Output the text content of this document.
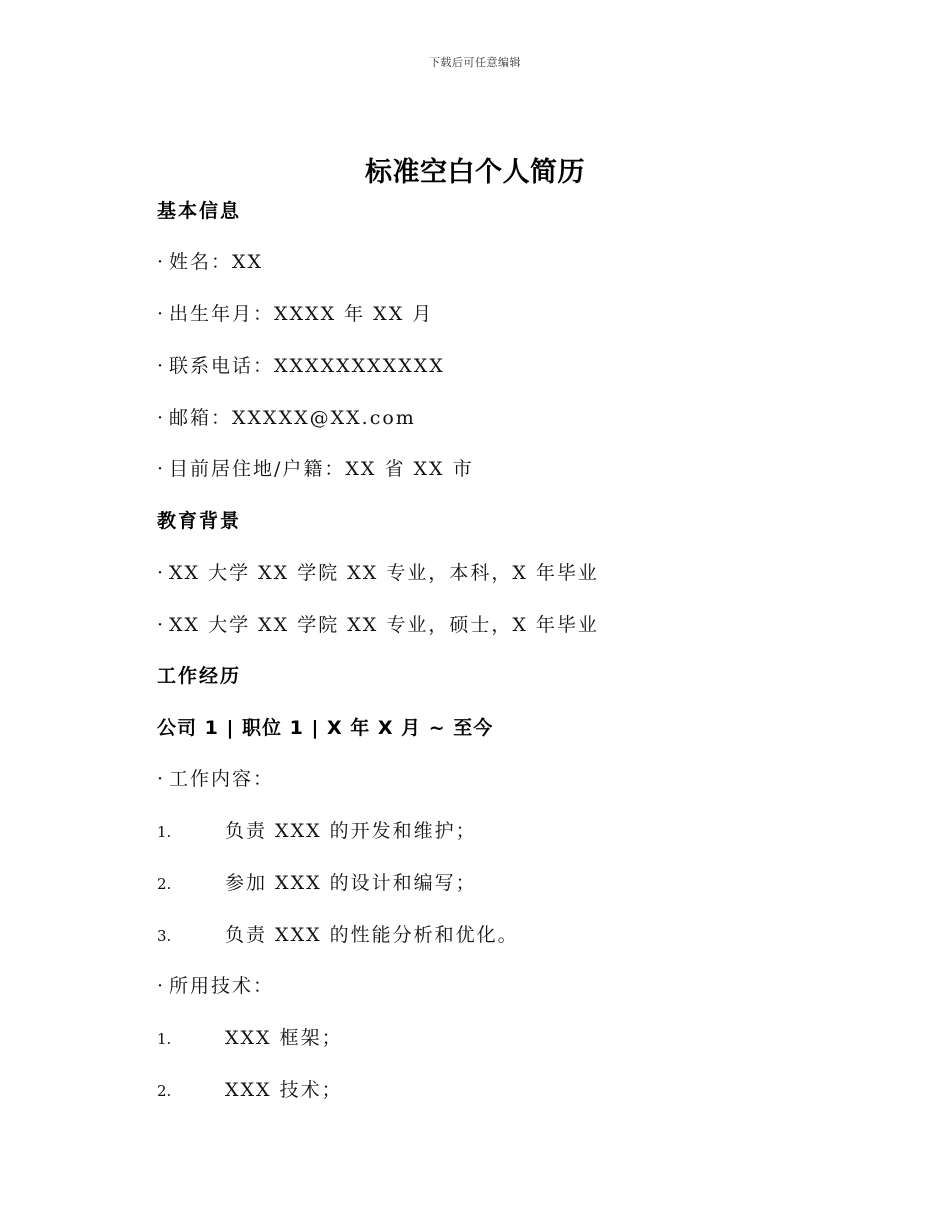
下载后可任意编辑
标准空白个人简历
基本信息
· 姓名：XX
· 出生年月：XXXX 年 XX 月
· 联系电话：XXXXXXXXXXX
· 邮箱：XXXXX@XX.com
· 目前居住地/户籍：XX 省 XX 市
教育背景
· XX 大学 XX 学院 XX 专业，本科，X 年毕业
· XX 大学 XX 学院 XX 专业，硕士，X 年毕业
工作经历
公司 1 | 职位 1 | X 年 X 月 ~ 至今
· 工作内容：
1.	负责 XXX 的开发和维护；
2.	参加 XXX 的设计和编写；
3.	负责 XXX 的性能分析和优化。
· 所用技术：
1.	XXX 框架；
2.	XXX 技术；
